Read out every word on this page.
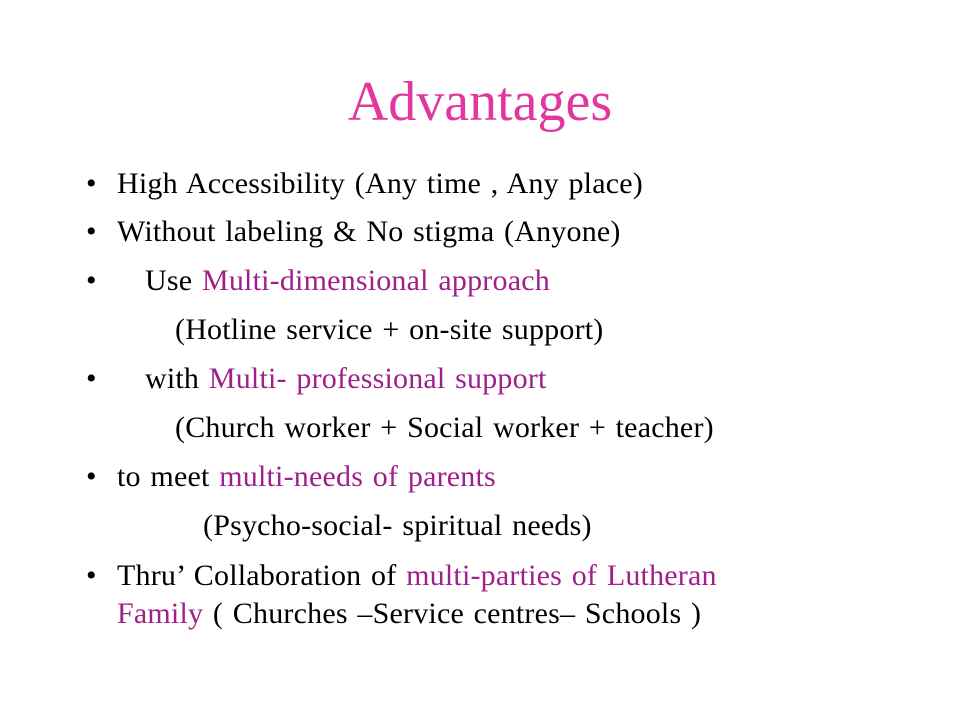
Advantages
• High Accessibility (Any time , Any place)
• Without labeling & No stigma (Anyone)
• Use Multi-dimensional approach
(Hotline service + on-site support)
• with Multi- professional support
(Church worker + Social worker + teacher)
• to meet multi-needs of parents
(Psycho-social- spiritual needs)
• Thru’ Collaboration of multi-parties of Lutheran
Family ( Churches –Service centres– Schools )
